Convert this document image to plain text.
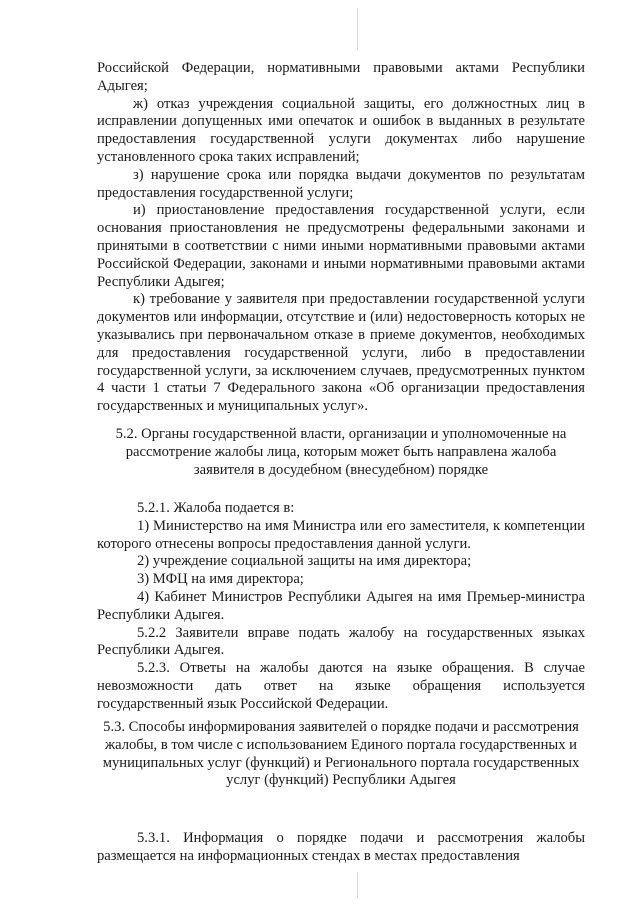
Российской Федерации, нормативными правовыми актами Республики Адыгея;

ж) отказ учреждения социальной защиты, его должностных лиц в исправлении допущенных ими опечаток и ошибок в выданных в результате предоставления государственной услуги документах либо нарушение установленного срока таких исправлений;

з) нарушение срока или порядка выдачи документов по результатам предоставления государственной услуги;

и) приостановление предоставления государственной услуги, если основания приостановления не предусмотрены федеральными законами и принятыми в соответствии с ними иными нормативными правовыми актами Российской Федерации, законами и иными нормативными правовыми актами Республики Адыгея;

к) требование у заявителя при предоставлении государственной услуги документов или информации, отсутствие и (или) недостоверность которых не указывались при первоначальном отказе в приеме документов, необходимых для предоставления государственной услуги, либо в предоставлении государственной услуги, за исключением случаев, предусмотренных пунктом 4 части 1 статьи 7 Федерального закона «Об организации предоставления государственных и муниципальных услуг».

5.2. Органы государственной власти, организации и уполномоченные на рассмотрение жалобы лица, которым может быть направлена жалоба заявителя в досудебном (внесудебном) порядке

5.2.1. Жалоба подается в:

1) Министерство на имя Министра или его заместителя, к компетенции которого отнесены вопросы предоставления данной услуги.

2) учреждение социальной защиты на имя директора;

3) МФЦ на имя директора;

4) Кабинет Министров Республики Адыгея на имя Премьер-министра Республики Адыгея.

5.2.2 Заявители вправе подать жалобу на государственных языках Республики Адыгея.

5.2.3. Ответы на жалобы даются на языке обращения. В случае невозможности дать ответ на языке обращения используется государственный язык Российской Федерации.

5.3. Способы информирования заявителей о порядке подачи и рассмотрения жалобы, в том числе с использованием Единого портала государственных и муниципальных услуг (функций) и Регионального портала государственных услуг (функций) Республики Адыгея

5.3.1. Информация о порядке подачи и рассмотрения жалобы размещается на информационных стендах в местах предоставления
